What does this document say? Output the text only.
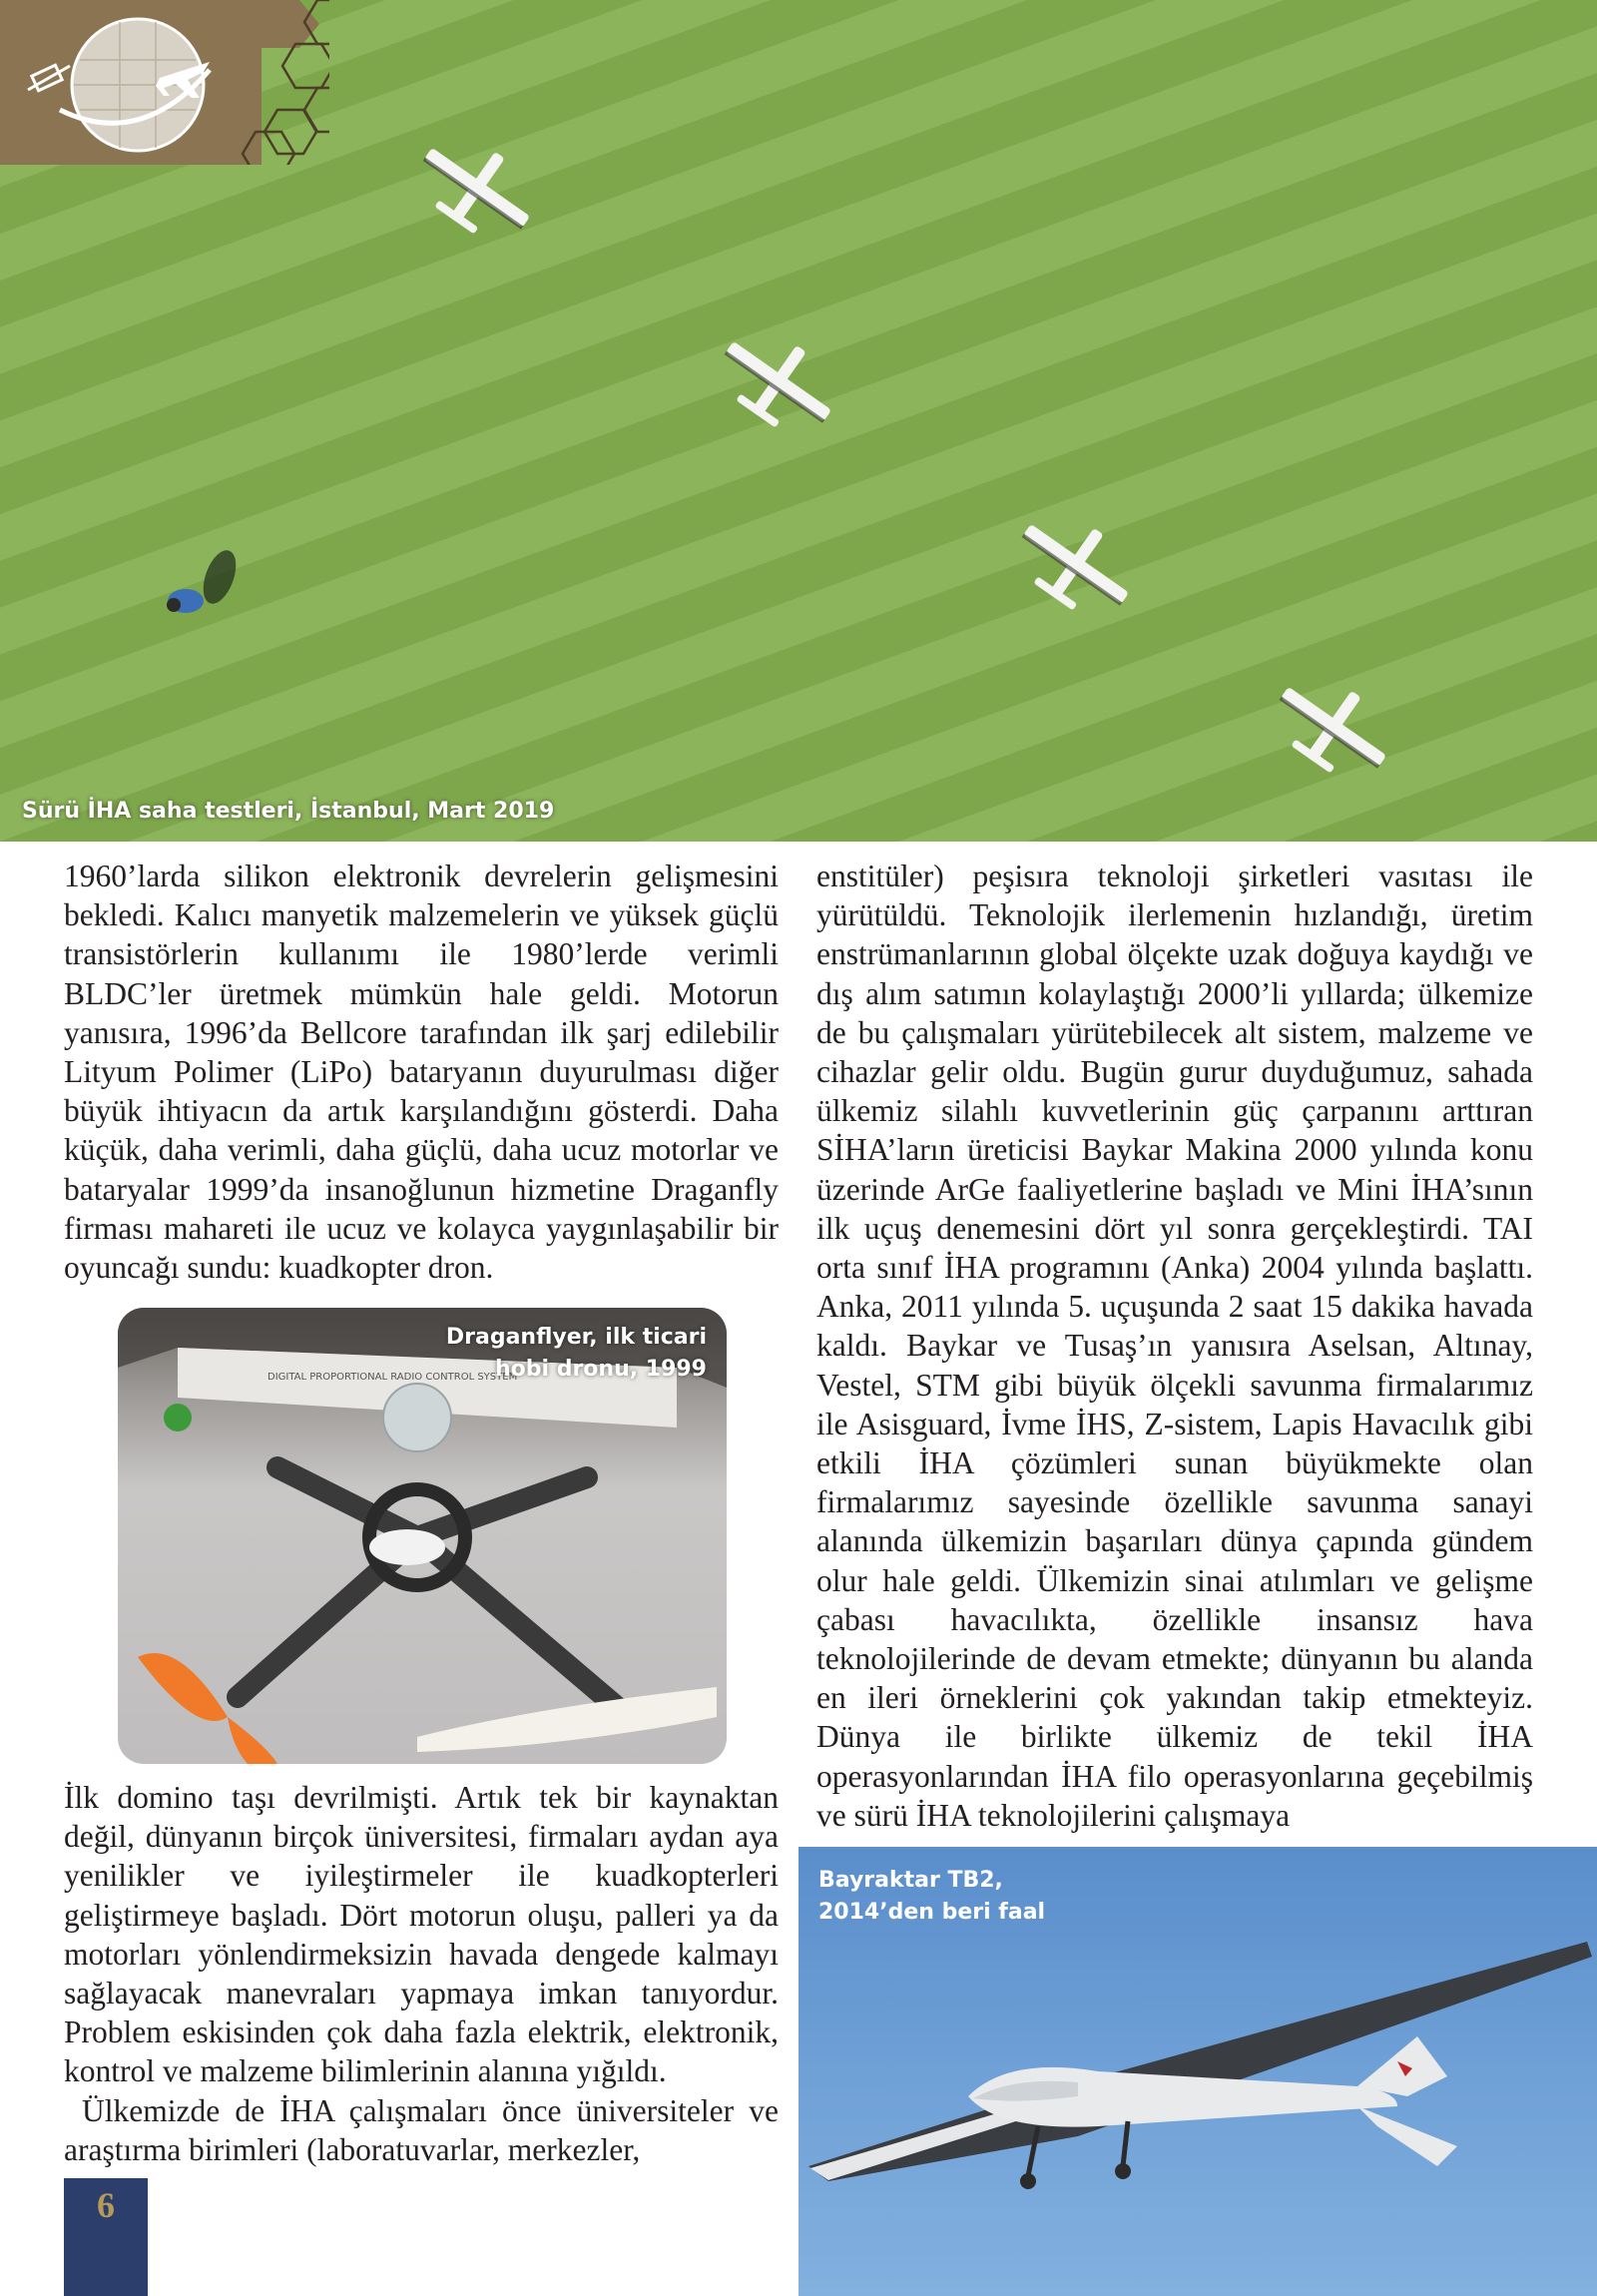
Sürü İHA saha testleri, İstanbul, Mart 2019

1960’larda silikon elektronik devrelerin gelişmesini bekledi. Kalıcı manyetik malzemelerin ve yüksek güçlü transistörlerin kullanımı ile 1980’lerde verimli BLDC’ler üretmek mümkün hale geldi. Motorun yanısıra, 1996’da Bellcore tarafından ilk şarj edilebilir Lityum Polimer (LiPo) bataryanın duyurulması diğer büyük ihtiyacın da artık karşılandığını gösterdi. Daha küçük, daha verimli, daha güçlü, daha ucuz motorlar ve bataryalar 1999’da insanoğlunun hizmetine Draganfly firması mahareti ile ucuz ve kolayca yaygınlaşabilir bir oyuncağı sundu: kuadkopter dron.

DIGITAL PROPORTIONAL RADIO CONTROL SYSTEM
Draganflyer, ilk ticari
hobi dronu, 1999

İlk domino taşı devrilmişti. Artık tek bir kaynaktan değil, dünyanın birçok üniversitesi, firmaları aydan aya yenilikler ve iyileştirmeler ile kuadkopterleri geliştirmeye başladı. Dört motorun oluşu, palleri ya da motorları yönlendirmeksizin havada dengede kalmayı sağlayacak manevraları yapmaya imkan tanıyordur. Problem eskisinden çok daha fazla elektrik, elektronik, kontrol ve malzeme bilimlerinin alanına yığıldı.

Ülkemizde de İHA çalışmaları önce üniversiteler ve araştırma birimleri (laboratuvarlar, merkezler,

enstitüler) peşisıra teknoloji şirketleri vasıtası ile yürütüldü. Teknolojik ilerlemenin hızlandığı, üretim enstrümanlarının global ölçekte uzak doğuya kaydığı ve dış alım satımın kolaylaştığı 2000’li yıllarda; ülkemize de bu çalışmaları yürütebilecek alt sistem, malzeme ve cihazlar gelir oldu. Bugün gurur duyduğumuz, sahada ülkemiz silahlı kuvvetlerinin güç çarpanını arttıran SİHA’ların üreticisi Baykar Makina 2000 yılında konu üzerinde ArGe faaliyetlerine başladı ve Mini İHA’sının ilk uçuş denemesini dört yıl sonra gerçekleştirdi. TAI orta sınıf İHA programını (Anka) 2004 yılında başlattı. Anka, 2011 yılında 5. uçuşunda 2 saat 15 dakika havada kaldı. Baykar ve Tusaş’ın yanısıra Aselsan, Altınay, Vestel, STM gibi büyük ölçekli savunma firmalarımız ile Asisguard, İvme İHS, Z-sistem, Lapis Havacılık gibi etkili İHA çözümleri sunan büyükmekte olan firmalarımız sayesinde özellikle savunma sanayi alanında ülkemizin başarıları dünya çapında gündem olur hale geldi. Ülkemizin sinai atılımları ve gelişme çabası havacılıkta, özellikle insansız hava teknolojilerinde de devam etmekte; dünyanın bu alanda en ileri örneklerini çok yakından takip etmekteyiz. Dünya ile birlikte ülkemiz de tekil İHA operasyonlarından İHA filo operasyonlarına geçebilmiş ve sürü İHA teknolojilerini çalışmaya

Bayraktar TB2,
2014’den beri faal
6
